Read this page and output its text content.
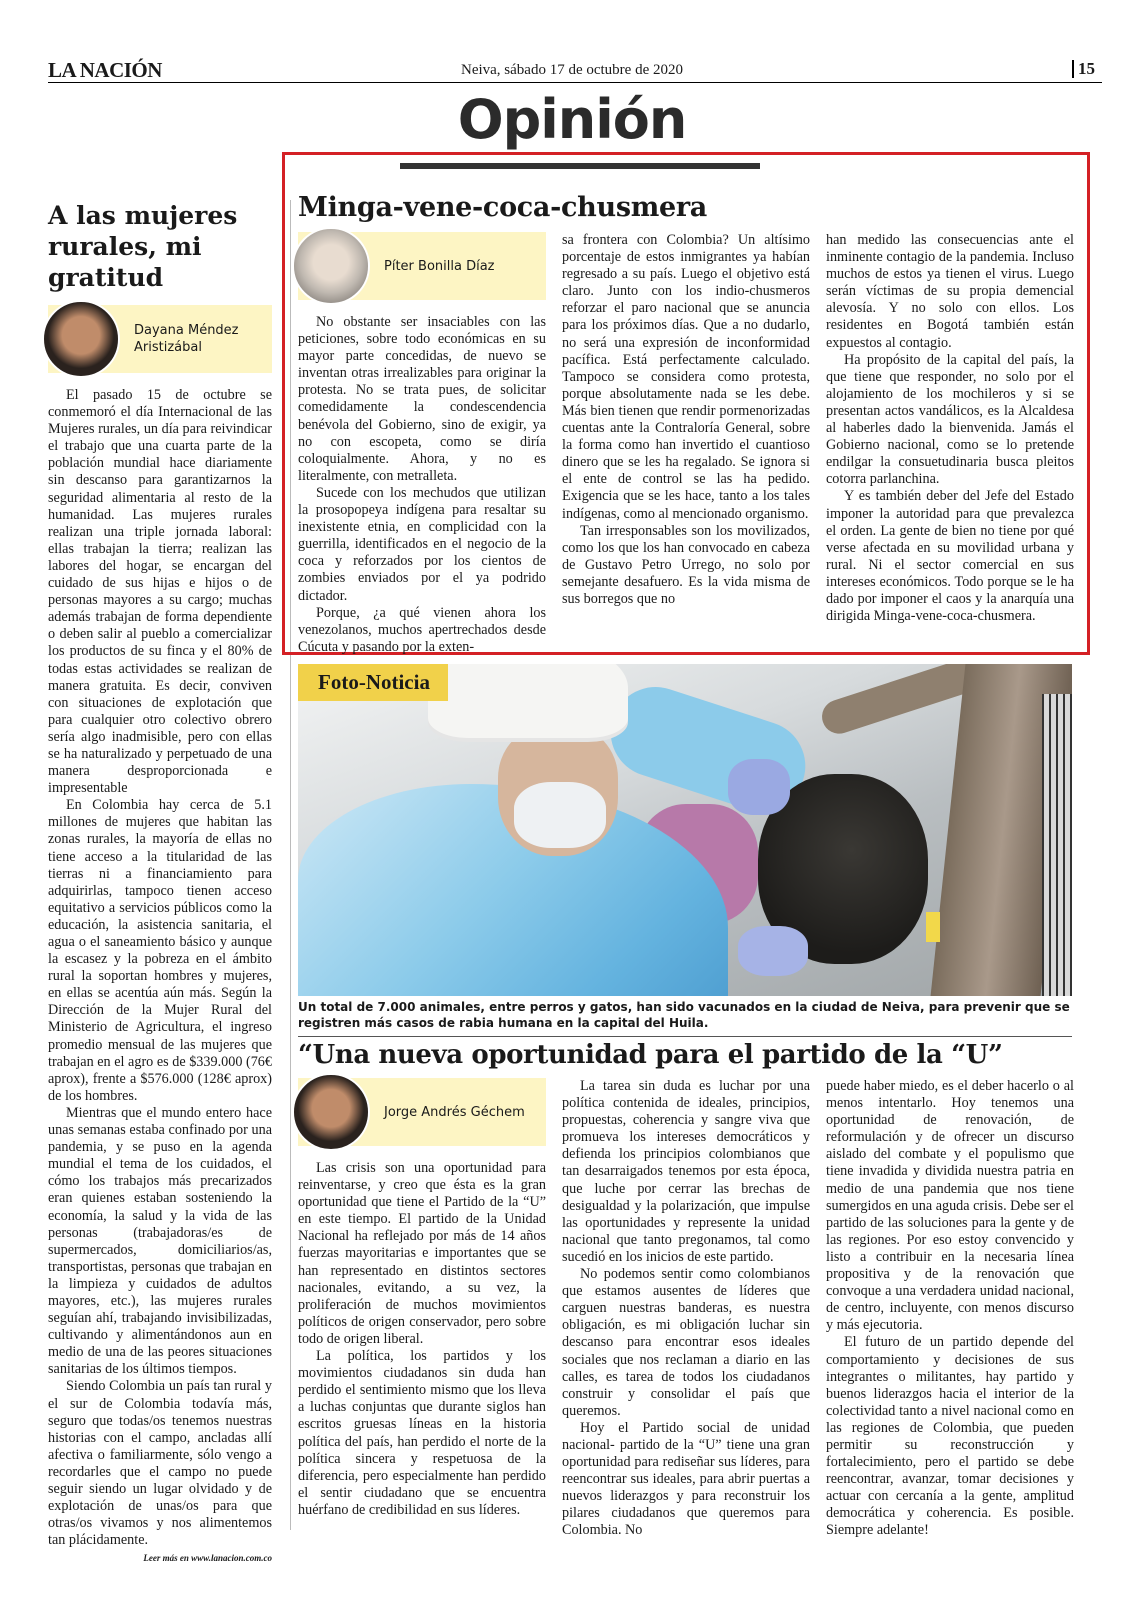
LA NACIÓN	Neiva, sábado 17 de octubre de 2020	15
Opinión
A las mujeres rurales, mi gratitud
Dayana Méndez Aristizábal

El pasado 15 de octubre se conmemoró el día Internacional de las Mujeres rurales, un día para reivindicar el trabajo que una cuarta parte de la población mundial hace diariamente sin descanso para garantizarnos la seguridad alimentaria al resto de la humanidad. Las mujeres rurales realizan una triple jornada laboral: ellas trabajan la tierra; realizan las labores del hogar, se encargan del cuidado de sus hijas e hijos o de personas mayores a su cargo; muchas además trabajan de forma dependiente o deben salir al pueblo a comercializar los productos de su finca y el 80% de todas estas actividades se realizan de manera gratuita. Es decir, conviven con situaciones de explotación que para cualquier otro colectivo obrero sería algo inadmisible, pero con ellas se ha naturalizado y perpetuado de una manera desproporcionada e impresentable

En Colombia hay cerca de 5.1 millones de mujeres que habitan las zonas rurales, la mayoría de ellas no tiene acceso a la titularidad de las tierras ni a financiamiento para adquirirlas, tampoco tienen acceso equitativo a servicios públicos como la educación, la asistencia sanitaria, el agua o el saneamiento básico y aunque la escasez y la pobreza en el ámbito rural la soportan hombres y mujeres, en ellas se acentúa aún más. Según la Dirección de la Mujer Rural del Ministerio de Agricultura, el ingreso promedio mensual de las mujeres que trabajan en el agro es de $339.000 (76€ aprox), frente a $576.000 (128€ aprox) de los hombres.

Mientras que el mundo entero hace unas semanas estaba confinado por una pandemia, y se puso en la agenda mundial el tema de los cuidados, el cómo los trabajos más precarizados eran quienes estaban sosteniendo la economía, la salud y la vida de las personas (trabajadoras/es de supermercados, domiciliarios/as, transportistas, personas que trabajan en la limpieza y cuidados de adultos mayores, etc.), las mujeres rurales seguían ahí, trabajando invisibilizadas, cultivando y alimentándonos aun en medio de una de las peores situaciones sanitarias de los últimos tiempos.

Siendo Colombia un país tan rural y el sur de Colombia todavía más, seguro que todas/os tenemos nuestras historias con el campo, ancladas allí afectiva o familiarmente, sólo vengo a recordarles que el campo no puede seguir siendo un lugar olvidado y de explotación de unas/os para que otras/os vivamos y nos alimentemos tan plácidamente.

Leer más en www.lanacion.com.co
Minga-vene-coca-chusmera
Píter Bonilla Díaz

No obstante ser insaciables con las peticiones, sobre todo económicas en su mayor parte concedidas, de nuevo se inventan otras irrealizables para originar la protesta. No se trata pues, de solicitar comedidamente la condescendencia benévola del Gobierno, sino de exigir, ya no con escopeta, como se diría coloquialmente. Ahora, y no es literalmente, con metralleta.

Sucede con los mechudos que utilizan la prosopopeya indígena para resaltar su inexistente etnia, en complicidad con la guerrilla, identificados en el negocio de la coca y reforzados por los cientos de zombies enviados por el ya podrido dictador.

Porque, ¿a qué vienen ahora los venezolanos, muchos apertrechados desde Cúcuta y pasando por la exten-

sa frontera con Colombia? Un altísimo porcentaje de estos inmigrantes ya habían regresado a su país. Luego el objetivo está claro. Junto con los indio-chusmeros reforzar el paro nacional que se anuncia para los próximos días. Que a no dudarlo, no será una expresión de inconformidad pacífica. Está perfectamente calculado. Tampoco se considera como protesta, porque absolutamente nada se les debe. Más bien tienen que rendir pormenorizadas cuentas ante la Contraloría General, sobre la forma como han invertido el cuantioso dinero que se les ha regalado. Se ignora si el ente de control se las ha pedido. Exigencia que se les hace, tanto a los tales indígenas, como al mencionado organismo.

Tan irresponsables son los movilizados, como los que los han convocado en cabeza de Gustavo Petro Urrego, no solo por semejante desafuero. Es la vida misma de sus borregos que no

han medido las consecuencias ante el inminente contagio de la pandemia. Incluso muchos de estos ya tienen el virus. Luego serán víctimas de su propia demencial alevosía. Y no solo con ellos. Los residentes en Bogotá también están expuestos al contagio.

Ha propósito de la capital del país, la que tiene que responder, no solo por el alojamiento de los mochileros y si se presentan actos vandálicos, es la Alcaldesa al haberles dado la bienvenida. Jamás el Gobierno nacional, como se lo pretende endilgar la consuetudinaria busca pleitos cotorra parlanchina.

Y es también deber del Jefe del Estado imponer la autoridad para que prevalezca el orden. La gente de bien no tiene por qué verse afectada en su movilidad urbana y rural. Ni el sector comercial en sus intereses económicos. Todo porque se le ha dado por imponer el caos y la anarquía una dirigida Minga-vene-coca-chusmera.

Foto-Noticia
Un total de 7.000 animales, entre perros y gatos, han sido vacunados en la ciudad de Neiva, para prevenir que se registren más casos de rabia humana en la capital del Huila.
“Una nueva oportunidad para el partido de la “U”
Jorge Andrés Géchem

Las crisis son una oportunidad para reinventarse, y creo que ésta es la gran oportunidad que tiene el Partido de la “U” en este tiempo. El partido de la Unidad Nacional ha reflejado por más de 14 años fuerzas mayoritarias e importantes que se han representado en distintos sectores nacionales, evitando, a su vez, la proliferación de muchos movimientos políticos de origen conservador, pero sobre todo de origen liberal.

La política, los partidos y los movimientos ciudadanos sin duda han perdido el sentimiento mismo que los lleva a luchas conjuntas que durante siglos han escritos gruesas líneas en la historia política del país, han perdido el norte de la política sincera y respetuosa de la diferencia, pero especialmente han perdido el sentir ciudadano que se encuentra huérfano de credibilidad en sus líderes.

La tarea sin duda es luchar por una política contenida de ideales, principios, propuestas, coherencia y sangre viva que promueva los intereses democráticos y defienda los principios colombianos que tan desarraigados tenemos por esta época, que luche por cerrar las brechas de desigualdad y la polarización, que impulse las oportunidades y represente la unidad nacional que tanto pregonamos, tal como sucedió en los inicios de este partido.

No podemos sentir como colombianos que estamos ausentes de líderes que carguen nuestras banderas, es nuestra obligación, es mi obligación luchar sin descanso para encontrar esos ideales sociales que nos reclaman a diario en las calles, es tarea de todos los ciudadanos construir y consolidar el país que queremos.

Hoy el Partido social de unidad nacional- partido de la “U” tiene una gran oportunidad para rediseñar sus líderes, para reencontrar sus ideales, para abrir puertas a nuevos liderazgos y para reconstruir los pilares ciudadanos que queremos para Colombia. No

puede haber miedo, es el deber hacerlo o al menos intentarlo. Hoy tenemos una oportunidad de renovación, de reformulación y de ofrecer un discurso aislado del combate y el populismo que tiene invadida y dividida nuestra patria en medio de una pandemia que nos tiene sumergidos en una aguda crisis. Debe ser el partido de las soluciones para la gente y de las regiones. Por eso estoy convencido y listo a contribuir en la necesaria línea propositiva y de la renovación que convoque a una verdadera unidad nacional, de centro, incluyente, con menos discurso y más ejecutoria.

El futuro de un partido depende del comportamiento y decisiones de sus integrantes o militantes, hay partido y buenos liderazgos hacia el interior de la colectividad tanto a nivel nacional como en las regiones de Colombia, que pueden permitir su reconstrucción y fortalecimiento, pero el partido se debe reencontrar, avanzar, tomar decisiones y actuar con cercanía a la gente, amplitud democrática y coherencia. Es posible. Siempre adelante!
